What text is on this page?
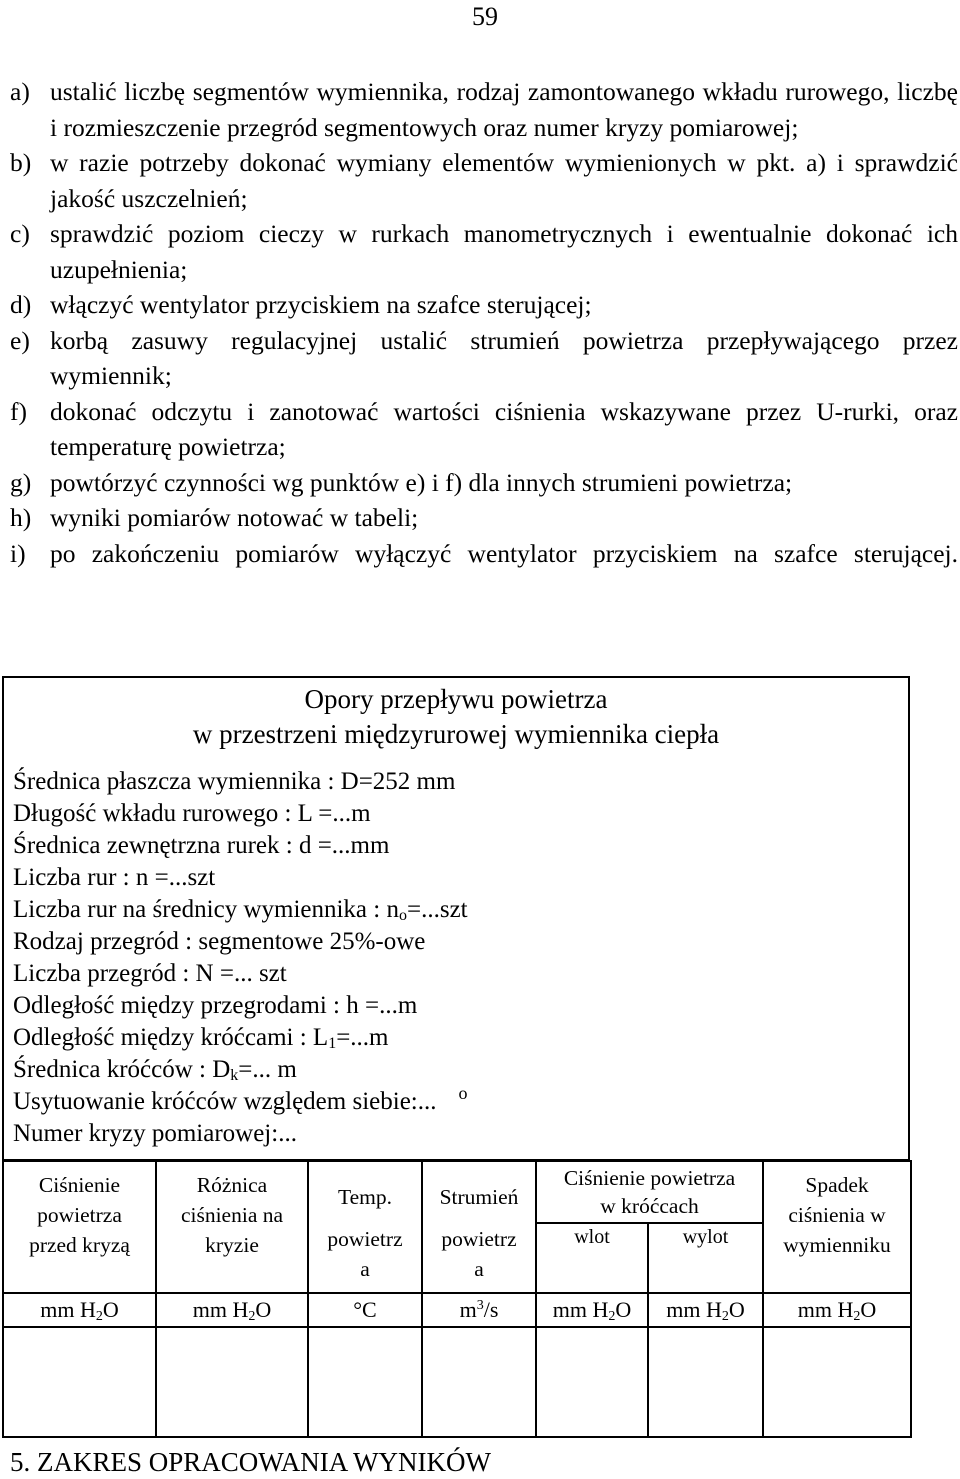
59
a) ustalić liczbę segmentów wymiennika, rodzaj zamontowanego wkładu rurowego, liczbę i rozmieszczenie przegród segmentowych oraz numer kryzy pomiarowej;
b) w razie potrzeby dokonać wymiany elementów wymienionych w pkt. a) i sprawdzić jakość uszczelnień;
c) sprawdzić poziom cieczy w rurkach manometrycznych i ewentualnie dokonać ich uzupełnienia;
d) włączyć wentylator przyciskiem na szafce sterującej;
e) korbą zasuwy regulacyjnej ustalić strumień powietrza przepływającego przez wymiennik;
f) dokonać odczytu i zanotować wartości ciśnienia wskazywane przez U-rurki, oraz temperaturę powietrza;
g) powtórzyć czynności wg punktów e) i f) dla innych strumieni powietrza;
h) wyniki pomiarów notować w tabeli;
i) po zakończeniu pomiarów wyłączyć wentylator przyciskiem na szafce sterującej.
Opory przepływu powietrza
w przestrzeni międzyrurowej wymiennika ciepła
Średnica płaszcza wymiennika : D=252 mm
Długość wkładu rurowego : L =...m
Średnica zewnętrzna rurek : d =...mm
Liczba rur : n =...szt
Liczba rur na średnicy wymiennika : $n_o=...szt$
Rodzaj przegród : segmentowe 25%-owe
Liczba przegród : N =... szt
Odległość między przegrodami : h =...m
Odległość między króćcami : $L_1=...m$
Średnica króćców : $D_k=$... m
Usytuowanie króćców względem siebie:... $^o$
Numer kryzy pomiarowej:...
Ciśnienie
powietrza
przed kryzą	Różnica
ciśnienia na
kryzie	Temp.
powietrz
a	Strumień
powietrz
a	Ciśnienie powietrza
w króćcach		Spadek
ciśnienia w
wymienniku

				wlot	wylot	
mm $H_2O$	mm $H_2O$	°C	$m^3/s$	mm $H_2O$	mm $H_2O$	mm $H_2O$

5. ZAKRES OPRACOWANIA WYNIKÓW
